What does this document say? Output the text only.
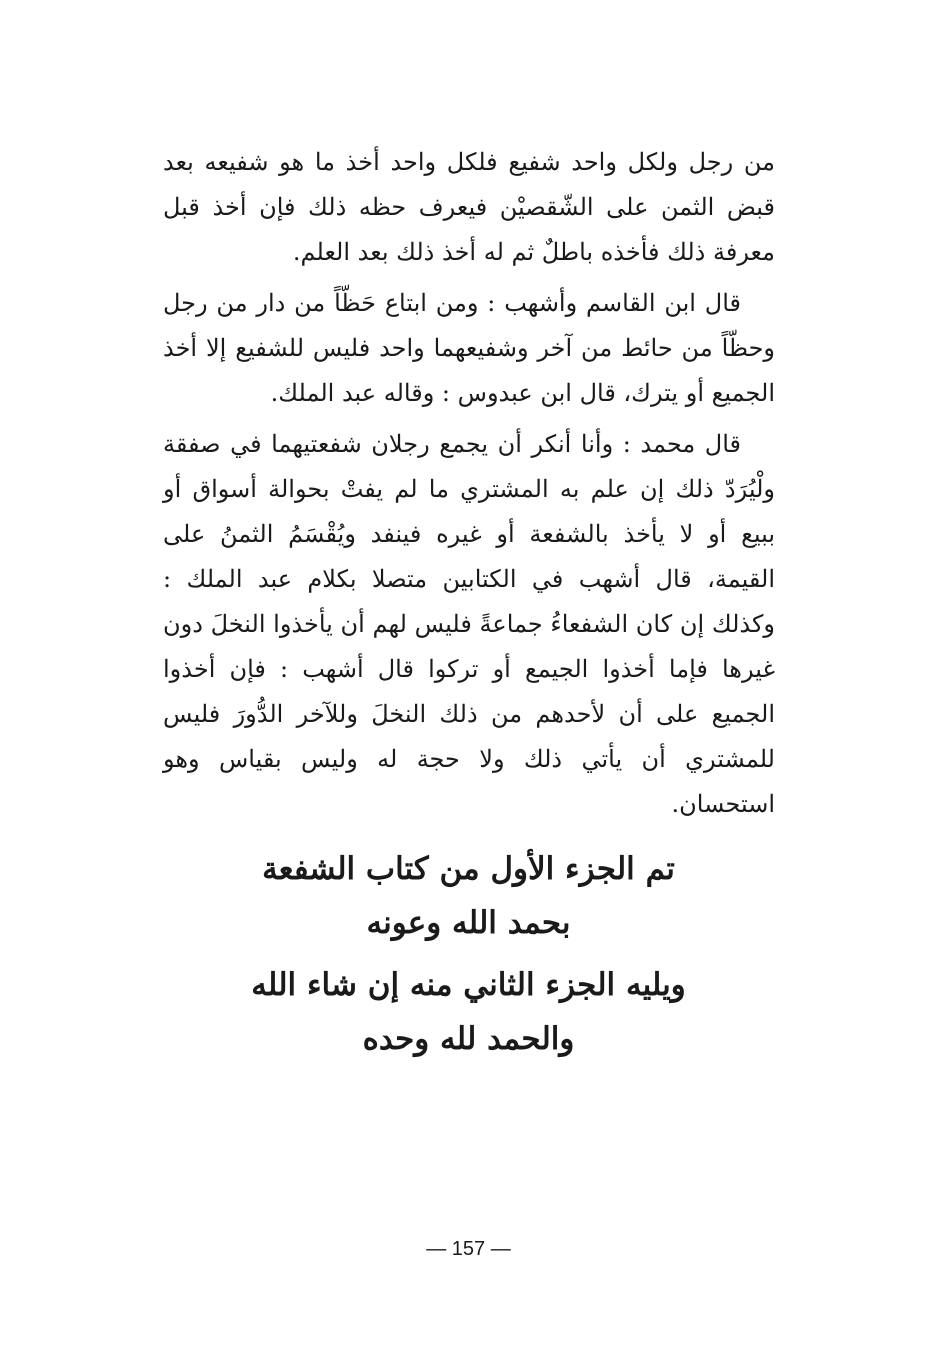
من رجل ولكل واحد شفيع فلكل واحد أخذ ما هو شفيعه بعد قبض الثمن على الشّقصيْن فيعرف حظه ذلك فإن أخذ قبل معرفة ذلك فأخذه باطلٌ ثم له أخذ ذلك بعد العلم.

قال ابن القاسم وأشهب : ومن ابتاع حَظّاً من دار من رجل وحظّاً من حائط من آخر وشفيعهما واحد فليس للشفيع إلا أخذ الجميع أو يترك، قال ابن عبدوس : وقاله عبد الملك.

قال محمد : وأنا أنكر أن يجمع رجلان شفعتيهما في صفقة ولْيُرَدّ ذلك إن علم به المشتري ما لم يفتْ بحوالة أسواق أو ببيع أو لا يأخذ بالشفعة أو غيره فينفد ويُقْسَمُ الثمنُ على القيمة، قال أشهب في الكتابين متصلا بكلام عبد الملك : وكذلك إن كان الشفعاءُ جماعةً فليس لهم أن يأخذوا النخلَ دون غيرها فإما أخذوا الجيمع أو تركوا قال أشهب : فإن أخذوا الجميع على أن لأحدهم من ذلك النخلَ وللآخر الدُّورَ فليس للمشتري أن يأتي ذلك ولا حجة له وليس بقياس وهو استحسان.

تم الجزء الأول من كتاب الشفعة
بحمد الله وعونه
ويليه الجزء الثاني منه إن شاء الله
والحمد لله وحده
— 157 —
